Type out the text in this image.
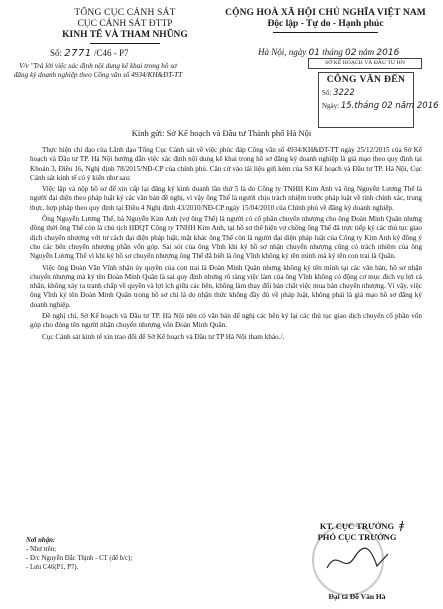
TỔNG CỤC CẢNH SÁT
CỤC CẢNH SÁT ĐTTP
KINH TẾ VÀ THAM NHŨNG
Số: 2771 /C46 - P7
V/v "Trả lời việc xác định nội dung kê khai trong hồ sơ đăng ký doanh nghiệp theo Công văn số 4934/KH&ĐT-TT
CỘNG HOÀ XÃ HỘI CHỦ NGHĨA VIỆT NAM
Độc lập - Tự do - Hạnh phúc
Hà Nội, ngày 01 tháng 02 năm 2016
SỞ KẾ HOẠCH VÀ ĐẦU TƯ HN
CÔNG VĂN ĐẾN
Số: 3222
Ngày: 15.tháng 02 năm 2016
Kính gửi: Sở Kế hoạch và Đầu tư Thành phố Hà Nội

Thực hiện chỉ đạo của Lãnh đạo Tổng Cục Cảnh sát về việc phúc đáp Công văn số 4934/KH&ĐT-TT ngày 25/12/2015 của Sở Kế hoạch và Đầu tư TP. Hà Nội hướng dẫn việc xác định nội dung kê khai trong hồ sơ đăng ký doanh nghiệp là giả mạo theo quy định tại Khoản 3, Điều 16, Nghị định 78/2015/NĐ-CP của chính phủ. Căn cứ vào tài liệu gửi kèm của Sở Kế hoạch và Đầu tư TP. Hà Nội, Cục Cảnh sát kinh tế có ý kiến như sau:

Việc lập và nộp hồ sơ để xin cấp lại đăng ký kinh doanh lần thứ 5 là do Công ty TNHH Kim Anh và ông Nguyễn Lương Thế là người đại diện theo pháp luật ký các văn bản đề nghị, vì vậy ông Thế là người chịu trách nhiệm trước pháp luật về tính chính xác, trung thực, hợp pháp theo quy định tại Điều 4 Nghị định 43/2010/NĐ-CP ngày 15/04/2010 của Chính phủ về đăng ký doanh nghiệp.

Ông Nguyễn Lương Thế, bà Nguyễn Kim Anh (vợ ông Thế) là người có cổ phần chuyển nhượng cho ông Đoàn Minh Quân nhưng đồng thời ông Thế còn là chủ tịch HĐQT Công ty TNHH Kim Anh, tại hồ sơ thể hiện vợ chồng ông Thế đã trực tiếp ký các thủ tục giao dịch chuyển nhượng với tư cách đại diện pháp luật, mặt khác ông Thế còn là người đại diện pháp luật của Công ty Kim Anh ký đồng ý cho các bên chuyển nhượng phần vốn góp. Sai sót của ông Vĩnh khi ký hồ sơ nhận chuyển nhượng cũng có trách nhiệm của ông Nguyễn Lương Thế vì khi ký hồ sơ chuyển nhượng ông Thế đã biết là ông Vĩnh không ký tên mình mà ký tên con trai là Quân.

Việc ông Đoàn Văn Vĩnh nhận ủy quyền của con trai là Đoàn Minh Quân nhưng không ký tên mình tại các văn bản, hồ sơ nhận chuyển nhượng mà ký tên Đoàn Minh Quân là sai quy định nhưng rõ ràng việc làm của ông Vĩnh không có động cơ mục đích vụ lợi cá nhân, không xảy ra tranh chấp về quyền và lợi ích giữa các bên, không làm thay đổi bản chất việc mua bán chuyển nhượng. Vì vậy, việc ông Vĩnh ký tên Đoàn Minh Quân trong hồ sơ chỉ là do nhận thức không đầy đủ về pháp luật, không phải là giả mạo hồ sơ đăng ký doanh nghiệp.

Đề nghị chỉ, Sở Kế hoạch và Đầu tư TP. Hà Nội nên có văn bản để nghị các bên ký lại các thủ tục giao dịch chuyển cổ phần vốn góp cho đúng tên người nhận chuyển nhượng vốn Đoàn Minh Quân.

Cục Cảnh sát kinh tế xin trao đổi để Sở Kế hoạch và Đầu tư TP Hà Nội tham khảo./.

ǂ
Nơi nhận:
- Như trên;
- Đ/c Nguyễn Đắc Thịnh - CT (để b/c);
- Lưu C46(P1, P7).
KT. CỤC TRƯỞNG
PHÓ CỤC TRƯỞNG
Đại tá Đỗ Văn Hà
